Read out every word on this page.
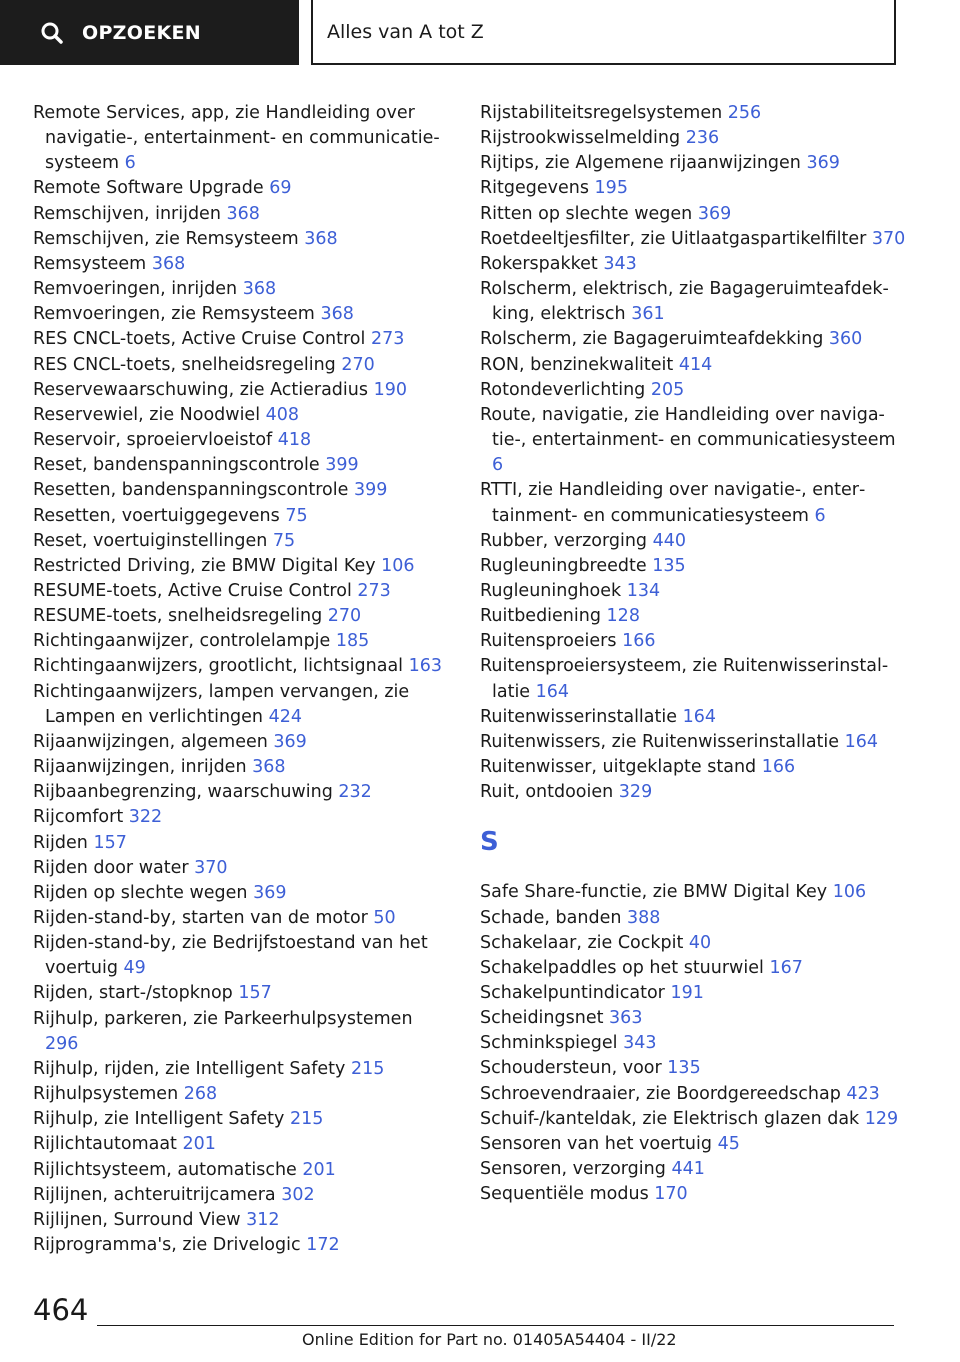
OPZOEKEN	Alles van A tot Z
Remote Services, app, zie Handleiding over navigatie-, entertainment- en communicatiesysteem 6
Remote Software Upgrade 69
Remschijven, inrijden 368
Remschijven, zie Remsysteem 368
Remsysteem 368
Remvoeringen, inrijden 368
Remvoeringen, zie Remsysteem 368
RES CNCL-toets, Active Cruise Control 273
RES CNCL-toets, snelheidsregeling 270
Reservewaarschuwing, zie Actieradius 190
Reservewiel, zie Noodwiel 408
Reservoir, sproeiervloeistof 418
Reset, bandenspanningscontrole 399
Resetten, bandenspanningscontrole 399
Resetten, voertuiggegevens 75
Reset, voertuiginstellingen 75
Restricted Driving, zie BMW Digital Key 106
RESUME-toets, Active Cruise Control 273
RESUME-toets, snelheidsregeling 270
Richtingaanwijzer, controlelampje 185
Richtingaanwijzers, grootlicht, lichtsignaal 163
Richtingaanwijzers, lampen vervangen, zie Lampen en verlichtingen 424
Rijaanwijzingen, algemeen 369
Rijaanwijzingen, inrijden 368
Rijbaanbegrenzing, waarschuwing 232
Rijcomfort 322
Rijden 157
Rijden door water 370
Rijden op slechte wegen 369
Rijden-stand-by, starten van de motor 50
Rijden-stand-by, zie Bedrijfstoestand van het voertuig 49
Rijden, start-/stopknop 157
Rijhulp, parkeren, zie Parkeerhulpsystemen 296
Rijhulp, rijden, zie Intelligent Safety 215
Rijhulpsystemen 268
Rijhulp, zie Intelligent Safety 215
Rijlichtautomaat 201
Rijlichtsysteem, automatische 201
Rijlijnen, achteruitrijcamera 302
Rijlijnen, Surround View 312
Rijprogramma's, zie Drivelogic 172
Rijstabiliteitsregelsystemen 256
Rijstrookwisselmelding 236
Rijtips, zie Algemene rijaanwijzingen 369
Ritgegevens 195
Ritten op slechte wegen 369
Roetdeeltjesfilter, zie Uitlaatgaspartikelfilter 370
Rokerspakket 343
Rolscherm, elektrisch, zie Bagageruimteafdekking, elektrisch 361
Rolscherm, zie Bagageruimteafdekking 360
RON, benzinekwaliteit 414
Rotondeverlichting 205
Route, navigatie, zie Handleiding over navigatie-, entertainment- en communicatiesysteem 6
RTTI, zie Handleiding over navigatie-, entertainment- en communicatiesysteem 6
Rubber, verzorging 440
Rugleuningbreedte 135
Rugleuninghoek 134
Ruitbediening 128
Ruitensproeiers 166
Ruitensproeiersysteem, zie Ruitenwisserinstallatie 164
Ruitenwisserinstallatie 164
Ruitenwissers, zie Ruitenwisserinstallatie 164
Ruitenwisser, uitgeklapte stand 166
Ruit, ontdooien 329
S
Safe Share-functie, zie BMW Digital Key 106
Schade, banden 388
Schakelaar, zie Cockpit 40
Schakelpaddles op het stuurwiel 167
Schakelpuntindicator 191
Scheidingsnet 363
Schminkspiegel 343
Schoudersteun, voor 135
Schroevendraaier, zie Boordgereedschap 423
Schuif-/kanteldak, zie Elektrisch glazen dak 129
Sensoren van het voertuig 45
Sensoren, verzorging 441
Sequentiële modus 170
464
Online Edition for Part no. 01405A54404 - II/22
